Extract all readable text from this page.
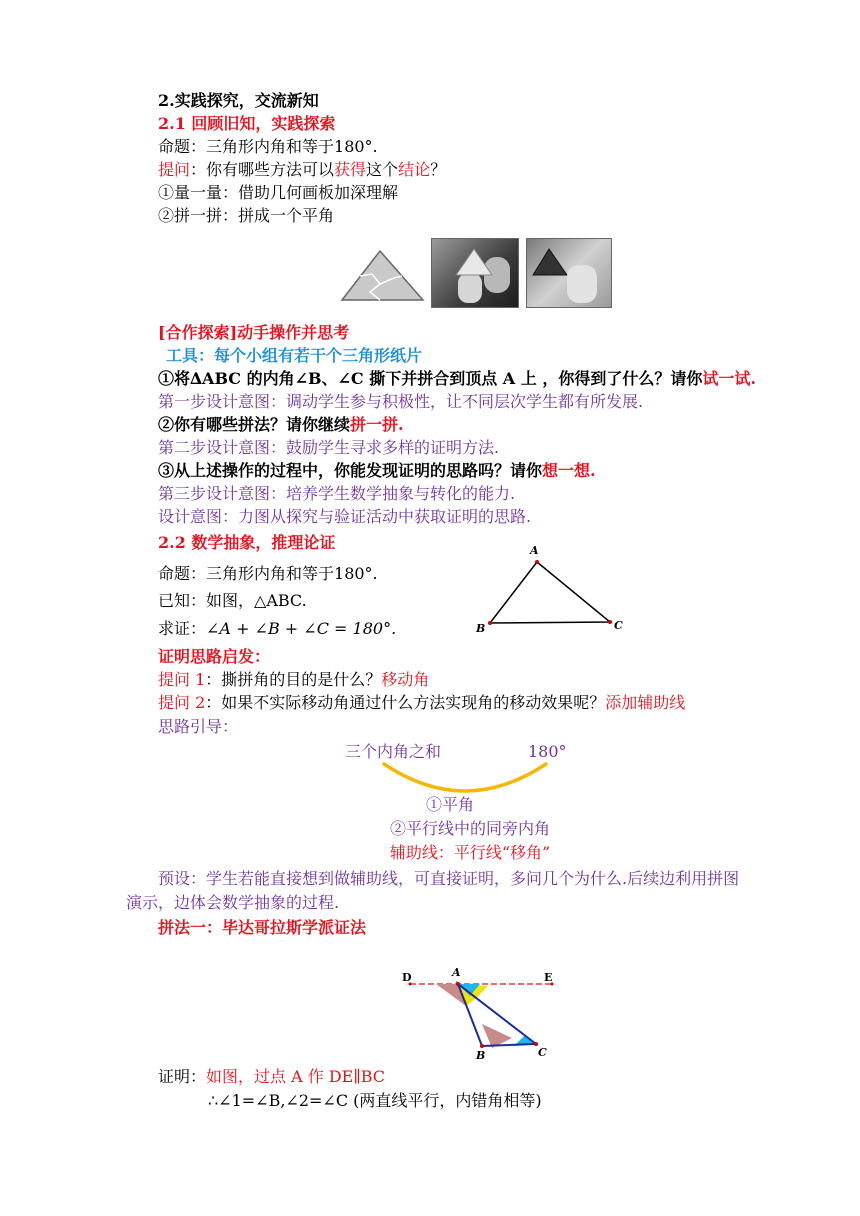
2.实践探究，交流新知
2.1 回顾旧知，实践探索
命题：三角形内角和等于180°.
提问：你有哪些方法可以获得这个结论？
①量一量：借助几何画板加深理解
②拼一拼：拼成一个平角
[合作探索]动手操作并思考
工具：每个小组有若干个三角形纸片
①将∆ABC 的内角∠B、∠C 撕下并拼合到顶点 A 上 ，你得到了什么？请你试一试.
第一步设计意图：调动学生参与积极性，让不同层次学生都有所发展.
②你有哪些拼法？请你继续拼一拼.
第二步设计意图：鼓励学生寻求多样的证明方法.
③从上述操作的过程中，你能发现证明的思路吗？请你想一想.
第三步设计意图：培养学生数学抽象与转化的能力.
设计意图：力图从探究与验证活动中获取证明的思路.
2.2 数学抽象，推理论证
命题：三角形内角和等于180°.
已知：如图，△ABC.
求证：∠A + ∠B + ∠C = 180°.
A
B	C
证明思路启发：
提问 1：撕拼角的目的是什么？移动角
提问 2：如果不实际移动角通过什么方法实现角的移动效果呢？添加辅助线
思路引导：
三个内角之和	180°
①平角
②平行线中的同旁内角
辅助线：平行线“移角”
预设：学生若能直接想到做辅助线，可直接证明，多问几个为什么.后续边利用拼图
演示，边体会数学抽象的过程.
拼法一：毕达哥拉斯学派证法
D	A	E
B	C
证明：如图，过点 A 作 DE∥BC
∴∠1=∠B,∠2=∠C (两直线平行，内错角相等)
